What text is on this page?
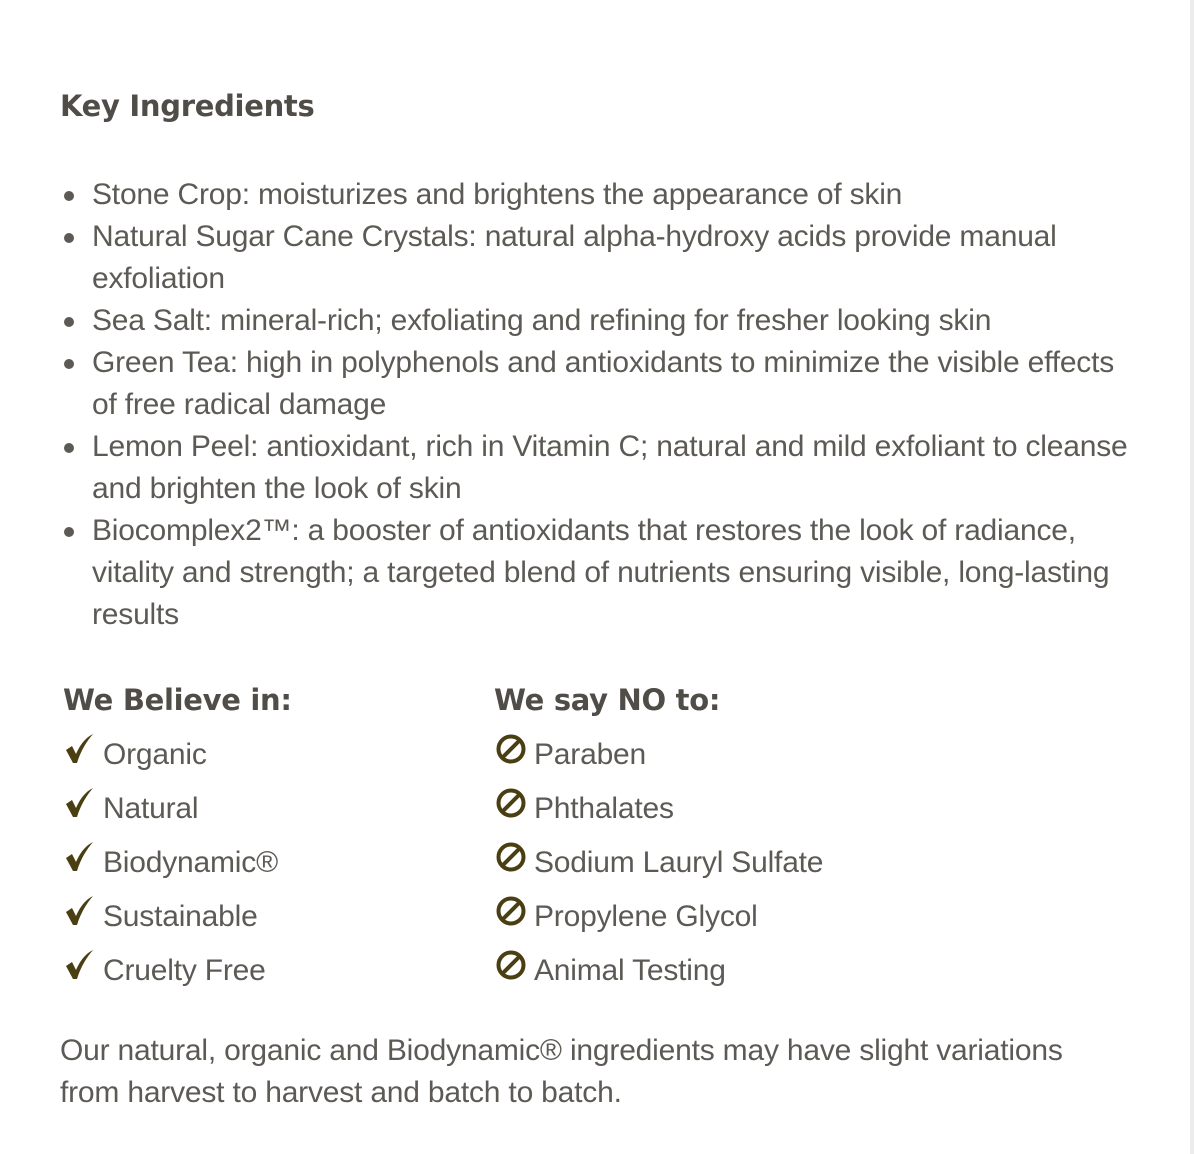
Key Ingredients
Stone Crop: moisturizes and brightens the appearance of skin
Natural Sugar Cane Crystals: natural alpha-hydroxy acids provide manual exfoliation
Sea Salt: mineral-rich; exfoliating and refining for fresher looking skin
Green Tea: high in polyphenols and antioxidants to minimize the visible effects of free radical damage
Lemon Peel: antioxidant, rich in Vitamin C; natural and mild exfoliant to cleanse and brighten the look of skin
Biocomplex2™: a booster of antioxidants that restores the look of radiance, vitality and strength; a targeted blend of nutrients ensuring visible, long-lasting results
We Believe in:
Organic
Natural
Biodynamic®
Sustainable
Cruelty Free
We say NO to:
Paraben
Phthalates
Sodium Lauryl Sulfate
Propylene Glycol
Animal Testing

Our natural, organic and Biodynamic® ingredients may have slight variations from harvest to harvest and batch to batch.
